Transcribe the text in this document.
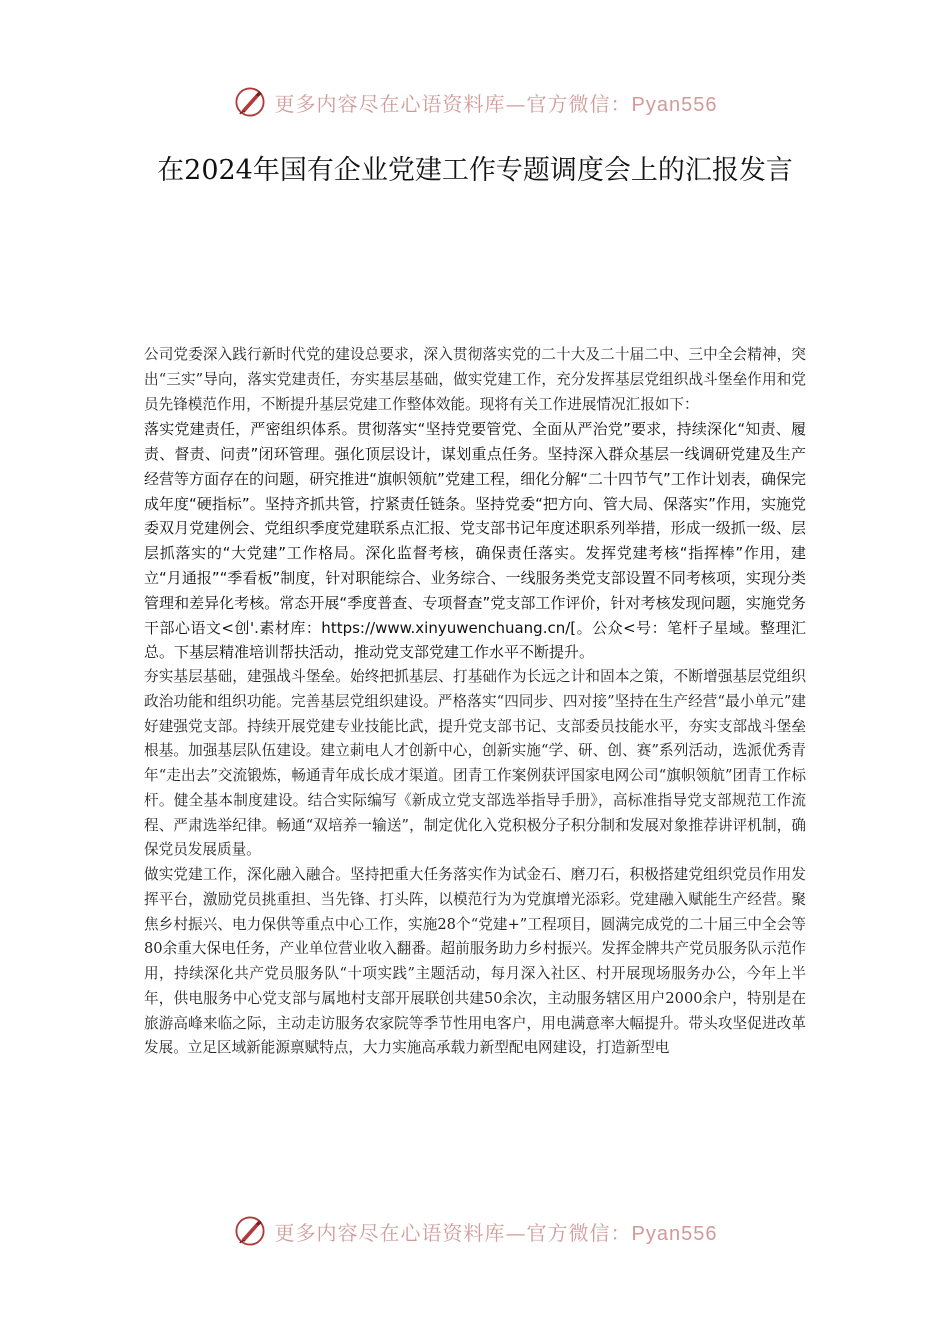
更多内容尽在心语资料库—官方微信：Pyan556
在2024年国有企业党建工作专题调度会上的汇报发言

公司党委深入践行新时代党的建设总要求，深入贯彻落实党的二十大及二十届二中、三中全会精神，突出“三实”导向，落实党建责任，夯实基层基础，做实党建工作，充分发挥基层党组织战斗堡垒作用和党员先锋模范作用，不断提升基层党建工作整体效能。现将有关工作进展情况汇报如下：

落实党建责任，严密组织体系。贯彻落实“坚持党要管党、全面从严治党”要求，持续深化“知责、履责、督责、问责”闭环管理。强化顶层设计，谋划重点任务。坚持深入群众基层一线调研党建及生产经营等方面存在的问题，研究推进“旗帜领航”党建工程，细化分解“二十四节气”工作计划表，确保完成年度“硬指标”。坚持齐抓共管，拧紧责任链条。坚持党委“把方向、管大局、保落实”作用，实施党委双月党建例会、党组织季度党建联系点汇报、党支部书记年度述职系列举措，形成一级抓一级、层层抓落实的“大党建”工作格局。深化监督考核，确保责任落实。发挥党建考核“指挥棒”作用，建立“月通报”“季看板”制度，针对职能综合、业务综合、一线服务类党支部设置不同考核项，实现分类管理和差异化考核。常态开展“季度普查、专项督查”党支部工作评价，针对考核发现问题，实施党务干部心语文<创'.素材库：https://www.xinyuwenchuang.cn/[。公众<号：笔杆子星域。整理汇总。下基层精准培训帮扶活动，推动党支部党建工作水平不断提升。

夯实基层基础，建强战斗堡垒。始终把抓基层、打基础作为长远之计和固本之策，不断增强基层党组织政治功能和组织功能。完善基层党组织建设。严格落实“四同步、四对接”坚持在生产经营“最小单元”建好建强党支部。持续开展党建专业技能比武，提升党支部书记、支部委员技能水平，夯实支部战斗堡垒根基。加强基层队伍建设。建立莿电人才创新中心，创新实施“学、研、创、赛”系列活动，选派优秀青年“走出去”交流锻炼，畅通青年成长成才渠道。团青工作案例获评国家电网公司“旗帜领航”团青工作标杆。健全基本制度建设。结合实际编写《新成立党支部选举指导手册》，高标准指导党支部规范工作流程、严肃选举纪律。畅通“双培养一输送”，制定优化入党积极分子积分制和发展对象推荐讲评机制，确保党员发展质量。

做实党建工作，深化融入融合。坚持把重大任务落实作为试金石、磨刀石，积极搭建党组织党员作用发挥平台，激励党员挑重担、当先锋、打头阵，以模范行为为党旗增光添彩。党建融入赋能生产经营。聚焦乡村振兴、电力保供等重点中心工作，实施28个“党建+”工程项目，圆满完成党的二十届三中全会等80余重大保电任务，产业单位营业收入翻番。超前服务助力乡村振兴。发挥金牌共产党员服务队示范作用，持续深化共产党员服务队“十项实践”主题活动，每月深入社区、村开展现场服务办公，今年上半年，供电服务中心党支部与属地村支部开展联创共建50余次，主动服务辖区用户2000余户，特别是在旅游高峰来临之际，主动走访服务农家院等季节性用电客户，用电满意率大幅提升。带头攻坚促进改革发展。立足区域新能源禀赋特点，大力实施高承载力新型配电网建设，打造新型电

更多内容尽在心语资料库—官方微信：Pyan556
